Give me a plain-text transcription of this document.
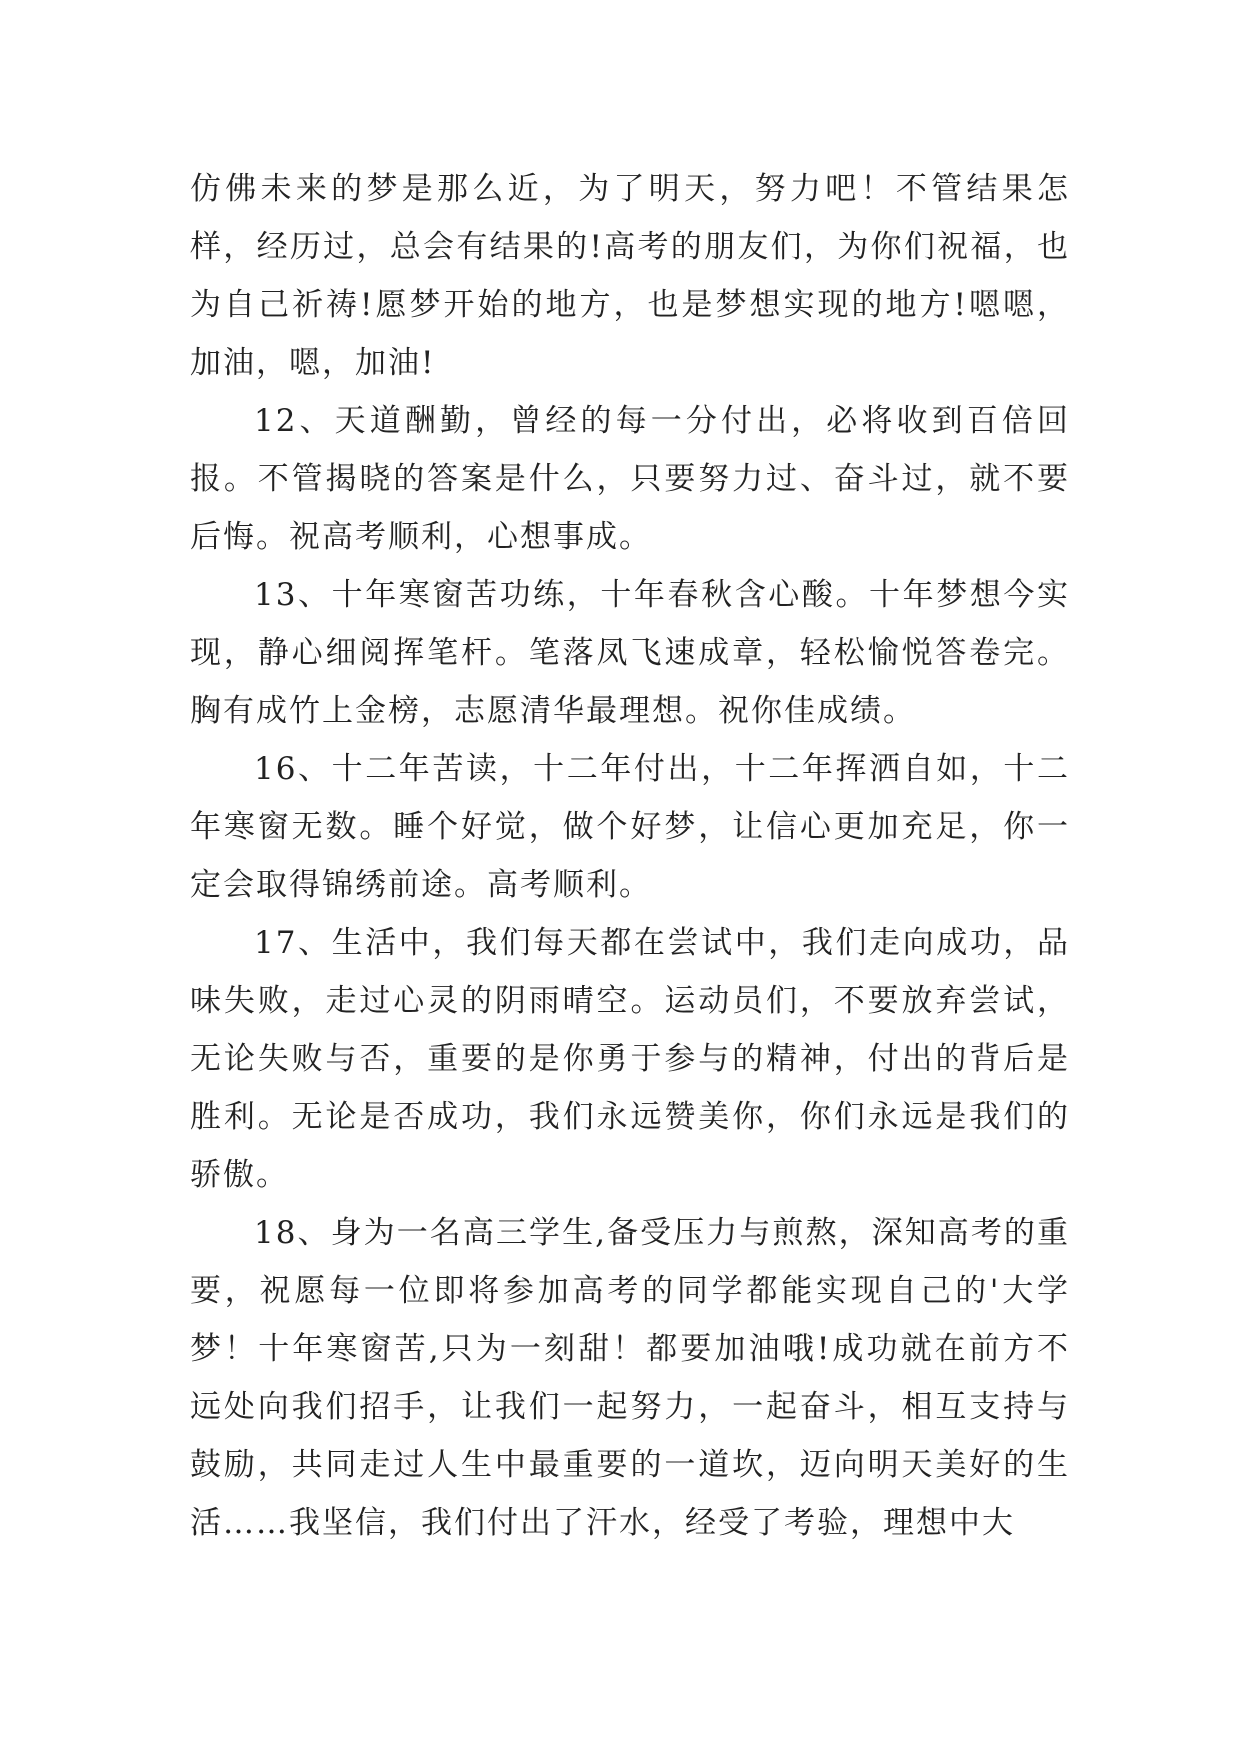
仿佛未来的梦是那么近，为了明天，努力吧！不管结果怎样，经历过，总会有结果的!高考的朋友们，为你们祝福，也为自己祈祷!愿梦开始的地方，也是梦想实现的地方!嗯嗯，加油，嗯，加油!

12、天道酬勤，曾经的每一分付出，必将收到百倍回报。不管揭晓的答案是什么，只要努力过、奋斗过，就不要后悔。祝高考顺利，心想事成。

13、十年寒窗苦功练，十年春秋含心酸。十年梦想今实现，静心细阅挥笔杆。笔落凤飞速成章，轻松愉悦答卷完。胸有成竹上金榜，志愿清华最理想。祝你佳成绩。

16、十二年苦读，十二年付出，十二年挥洒自如，十二年寒窗无数。睡个好觉，做个好梦，让信心更加充足，你一定会取得锦绣前途。高考顺利。

17、生活中，我们每天都在尝试中，我们走向成功，品味失败，走过心灵的阴雨晴空。运动员们，不要放弃尝试，无论失败与否，重要的是你勇于参与的精神，付出的背后是胜利。无论是否成功，我们永远赞美你，你们永远是我们的骄傲。

18、身为一名高三学生,备受压力与煎熬，深知高考的重要，祝愿每一位即将参加高考的同学都能实现自己的'大学梦！十年寒窗苦,只为一刻甜！都要加油哦!成功就在前方不远处向我们招手，让我们一起努力，一起奋斗，相互支持与鼓励，共同走过人生中最重要的一道坎，迈向明天美好的生活……我坚信，我们付出了汗水，经受了考验，理想中大
